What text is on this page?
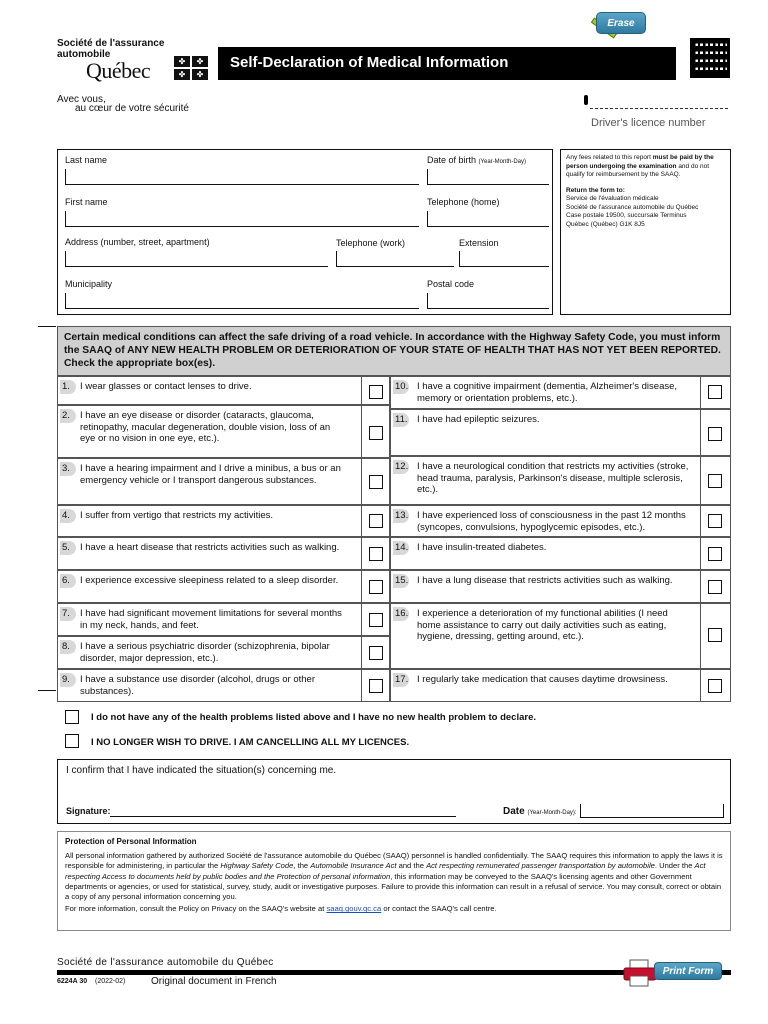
Erase
Société de l'assurance automobile
Québec	✤	✤
✤	✤
Avec vous,
au cœur de votre sécurité
Self-Declaration of Medical Information	4
Driver's licence number
Last name	Date of birth (Year-Month-Day)
First name	Telephone (home)
Address (number, street, apartment)	Telephone (work)	Extension
Municipality	Postal code
Any fees related to this report must be paid by the person undergoing the examination and do not qualify for reimbursement by the SAAQ.
Return the form to:
Service de l'évaluation médicale
Société de l'assurance automobile du Québec
Case postale 19500, succursale Terminus
Québec (Québec) G1K 8J5
Certain medical conditions can affect the safe driving of a road vehicle. In accordance with the Highway Safety Code, you must inform the SAAQ of ANY NEW HEALTH PROBLEM OR DETERIORATION OF YOUR STATE OF HEALTH THAT HAS NOT YET BEEN REPORTED. Check the appropriate box(es).
1.	I wear glasses or contact lenses to drive.
2.	I have an eye disease or disorder (cataracts, glaucoma, retinopathy, macular degeneration, double vision, loss of an eye or no vision in one eye, etc.).
3.	I have a hearing impairment and I drive a minibus, a bus or an emergency vehicle or I transport dangerous substances.
4.	I suffer from vertigo that restricts my activities.
5.	I have a heart disease that restricts activities such as walking.
6.	I experience excessive sleepiness related to a sleep disorder.
7.	I have had significant movement limitations for several months in my neck, hands, and feet.
8.	I have a serious psychiatric disorder (schizophrenia, bipolar disorder, major depression, etc.).
9.	I have a substance use disorder (alcohol, drugs or other substances).
10. I have a cognitive impairment (dementia, Alzheimer's disease, memory or orientation problems, etc.).
11. I have had epileptic seizures.
12. I have a neurological condition that restricts my activities (stroke, head trauma, paralysis, Parkinson's disease, multiple sclerosis, etc.).
13. I have experienced loss of consciousness in the past 12 months (syncopes, convulsions, hypoglycemic episodes, etc.).
14. I have insulin-treated diabetes.
15. I have a lung disease that restricts activities such as walking.
16. I experience a deterioration of my functional abilities (I need home assistance to carry out daily activities such as eating, hygiene, dressing, getting around, etc.).
17. I regularly take medication that causes daytime drowsiness.
I do not have any of the health problems listed above and I have no new health problem to declare.
I NO LONGER WISH TO DRIVE. I AM CANCELLING ALL MY LICENCES.
I confirm that I have indicated the situation(s) concerning me.
Signature:	Date (Year-Month-Day):
Protection of Personal Information
All personal information gathered by authorized Société de l'assurance automobile du Québec (SAAQ) personnel is handled confidentially. The SAAQ requires this information to apply the laws it is responsible for administering, in particular the Highway Safety Code, the Automobile Insurance Act and the Act respecting remunerated passenger transportation by automobile. Under the Act respecting Access to documents held by public bodies and the Protection of personal information, this information may be conveyed to the SAAQ's licensing agents and other Government departments or agencies, or used for statistical, survey, study, audit or investigative purposes. Failure to provide this information can result in a refusal of service. You may consult, correct or obtain a copy of any personal information concerning you.
For more information, consult the Policy on Privacy on the SAAQ's website at saaq.gouv.qc.ca or contact the SAAQ's call centre.
Société de l'assurance automobile du Québec
6224A 30 (2022-02)	Original document in French
Print Form
